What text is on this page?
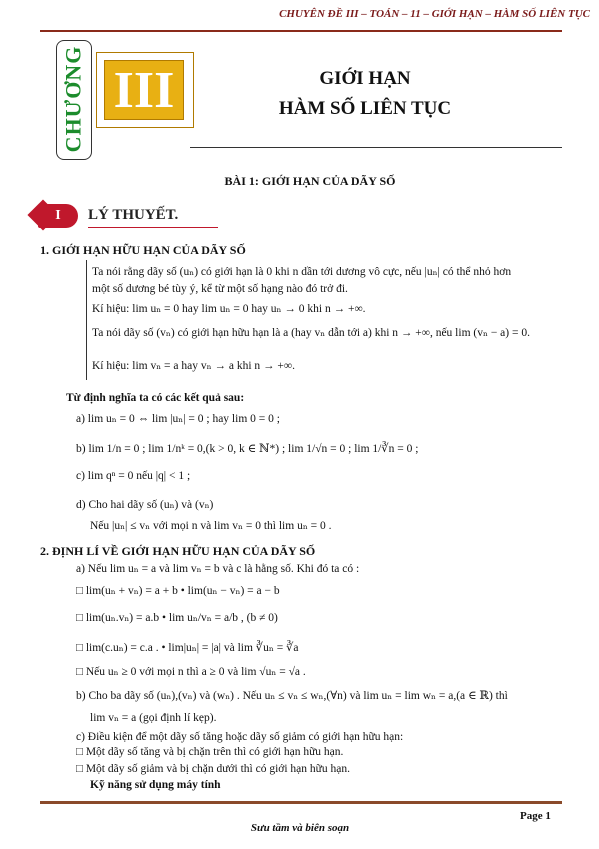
CHUYÊN ĐỀ III – TOÁN – 11 – GIỚI HẠN – HÀM SỐ LIÊN TỤC
CHƯƠNG III	GIỚI HẠN
HÀM SỐ LIÊN TỤC
BÀI 1: GIỚI HẠN CỦA DÃY SỐ
I	LÝ THUYẾT.
1. GIỚI HẠN HỮU HẠN CỦA DÃY SỐ
Ta nói rằng dãy số (uₙ) có giới hạn là 0 khi n dần tới dương vô cực, nếu |uₙ| có thể nhỏ hơn
một số dương bé tùy ý, kể từ một số hạng nào đó trở đi.
Kí hiệu: lim uₙ = 0 hay lim uₙ = 0 hay uₙ → 0 khi n → +∞.
Ta nói dãy số (vₙ) có giới hạn hữu hạn là a (hay vₙ dẫn tới a) khi n → +∞, nếu lim (vₙ − a) = 0.
Kí hiệu: lim vₙ = a hay vₙ → a khi n → +∞.
Từ định nghĩa ta có các kết quả sau:
a) lim uₙ = 0 ⇔ lim |uₙ| = 0 ; hay lim 0 = 0 ;
b) lim 1/n = 0 ; lim 1/nᵏ = 0,(k > 0, k ∈ ℕ*) ; lim 1/√n = 0 ; lim 1/∛n = 0 ;
c) lim qⁿ = 0 nếu |q| < 1 ;
d) Cho hai dãy số (uₙ) và (vₙ)
Nếu |uₙ| ≤ vₙ với mọi n và lim vₙ = 0 thì lim uₙ = 0 .
2. ĐỊNH LÍ VỀ GIỚI HẠN HỮU HẠN CỦA DÃY SỐ
a) Nếu lim uₙ = a và lim vₙ = b và c là hằng số. Khi đó ta có :
□ lim(uₙ + vₙ) = a + b • lim(uₙ − vₙ) = a − b
□ lim(uₙ.vₙ) = a.b • lim uₙ/vₙ = a/b , (b ≠ 0)
□ lim(c.uₙ) = c.a . • lim|uₙ| = |a| và lim ∛uₙ = ∛a
□ Nếu uₙ ≥ 0 với mọi n thì a ≥ 0 và lim √uₙ = √a .
b) Cho ba dãy số (uₙ),(vₙ) và (wₙ) . Nếu uₙ ≤ vₙ ≤ wₙ,(∀n) và lim uₙ = lim wₙ = a,(a ∈ ℝ) thì
lim vₙ = a (gọi định lí kẹp).
c) Điều kiện để một dãy số tăng hoặc dãy số giảm có giới hạn hữu hạn:
□ Một dãy số tăng và bị chặn trên thì có giới hạn hữu hạn.
□ Một dãy số giảm và bị chặn dưới thì có giới hạn hữu hạn.
Kỹ năng sử dụng máy tính
Page 1
Sưu tầm và biên soạn
